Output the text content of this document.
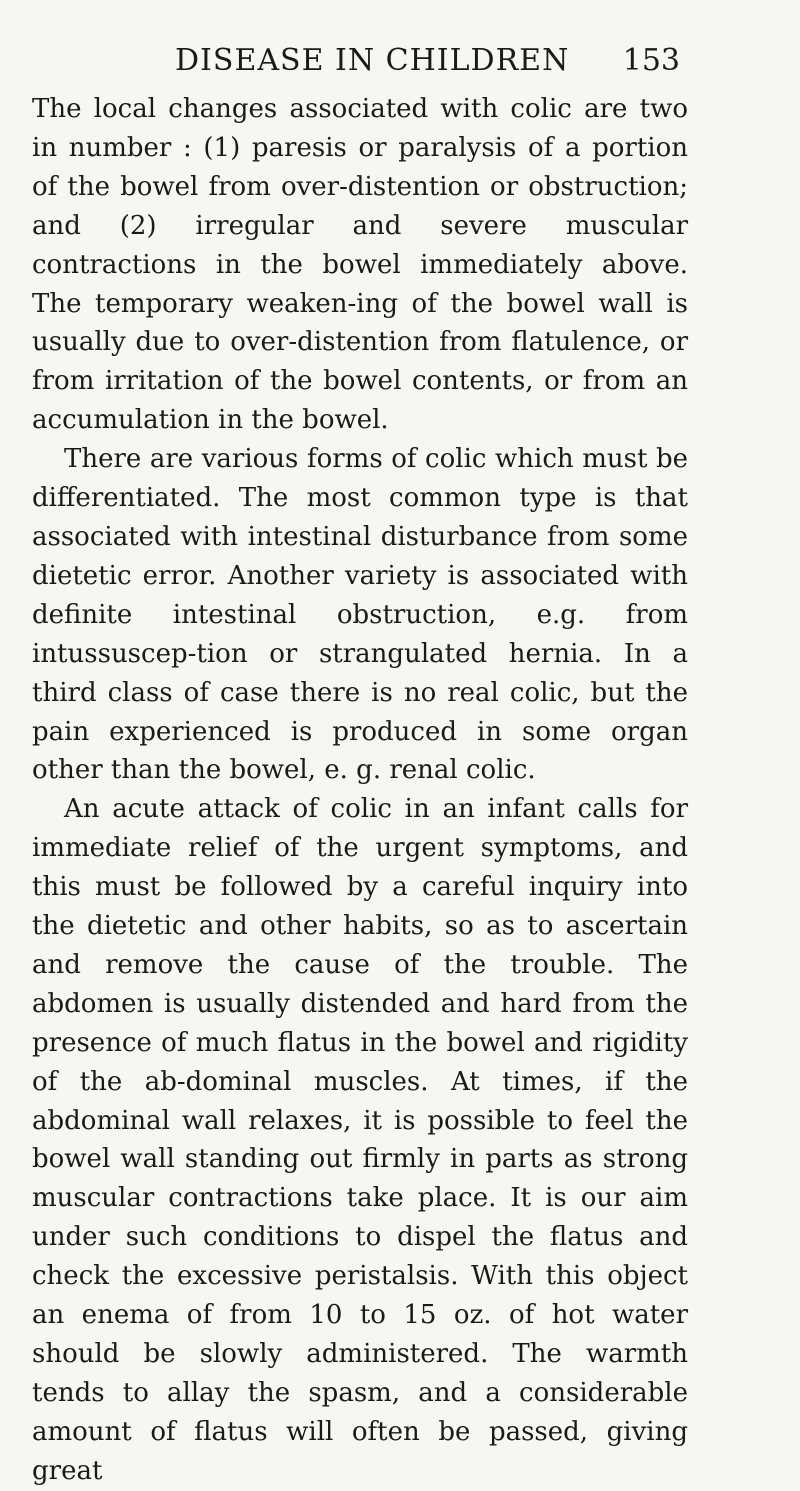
DISEASE IN CHILDREN 153

The local changes associated with colic are two in number : (1) paresis or paralysis of a portion of the bowel from over-distention or obstruction; and (2) irregular and severe muscular contractions in the bowel immediately above. The temporary weaken-ing of the bowel wall is usually due to over-distention from flatulence, or from irritation of the bowel contents, or from an accumulation in the bowel.

There are various forms of colic which must be differentiated. The most common type is that associated with intestinal disturbance from some dietetic error. Another variety is associated with definite intestinal obstruction, e.g. from intussuscep-tion or strangulated hernia. In a third class of case there is no real colic, but the pain experienced is produced in some organ other than the bowel, e. g. renal colic.

An acute attack of colic in an infant calls for immediate relief of the urgent symptoms, and this must be followed by a careful inquiry into the dietetic and other habits, so as to ascertain and remove the cause of the trouble. The abdomen is usually distended and hard from the presence of much flatus in the bowel and rigidity of the ab-dominal muscles. At times, if the abdominal wall relaxes, it is possible to feel the bowel wall standing out firmly in parts as strong muscular contractions take place. It is our aim under such conditions to dispel the flatus and check the excessive peristalsis. With this object an enema of from 10 to 15 oz. of hot water should be slowly administered. The warmth tends to allay the spasm, and a considerable amount of flatus will often be passed, giving great
